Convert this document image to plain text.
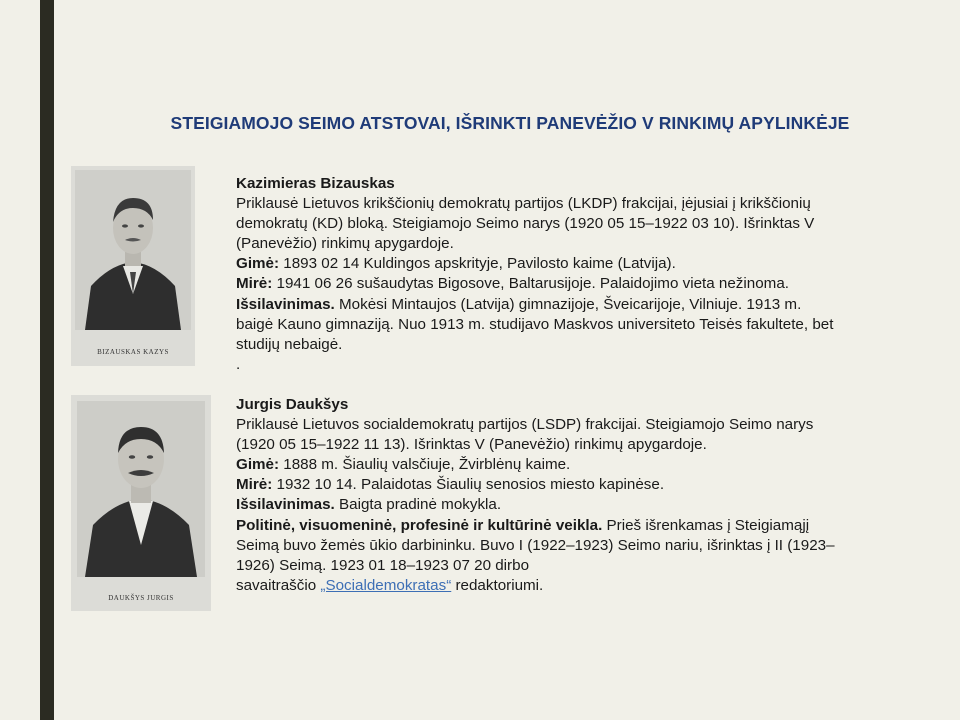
STEIGIAMOJO SEIMO ATSTOVAI, IŠRINKTI PANEVĖŽIO V RINKIMŲ APYLINKĖJE
BIZAUSKAS KAZYS
DAUKŠYS JURGIS
Kazimieras Bizauskas
Priklausė Lietuvos krikščionių demokratų partijos (LKDP) frakcijai, įėjusiai į krikščionių
demokratų (KD) bloką. Steigiamojo Seimo narys (1920 05 15–1922 03 10). Išrinktas V
(Panevėžio) rinkimų apygardoje.
Gimė: 1893 02 14 Kuldingos apskrityje, Pavilosto kaime (Latvija).
Mirė: 1941 06 26 sušaudytas Bigosove, Baltarusijoje. Palaidojimo vieta nežinoma.
Išsilavinimas. Mokėsi Mintaujos (Latvija) gimnazijoje, Šveicarijoje, Vilniuje. 1913 m.
baigė Kauno gimnaziją. Nuo 1913 m. studijavo Maskvos universiteto Teisės fakultete, bet
studijų nebaigė.
.
Jurgis Daukšys
Priklausė Lietuvos socialdemokratų partijos (LSDP) frakcijai. Steigiamojo Seimo narys
(1920 05 15–1922 11 13). Išrinktas V (Panevėžio) rinkimų apygardoje.
Gimė: 1888 m. Šiaulių valsčiuje, Žvirblėnų kaime.
Mirė: 1932 10 14. Palaidotas Šiaulių senosios miesto kapinėse.
Išsilavinimas. Baigta pradinė mokykla.
Politinė, visuomeninė, profesinė ir kultūrinė veikla. Prieš išrenkamas į Steigiamąjį
Seimą buvo žemės ūkio darbininku. Buvo I (1922–1923) Seimo nariu, išrinktas į II (1923–
1926) Seimą. 1923 01 18–1923 07 20 dirbo
savaitraščio „Socialdemokratas“ redaktoriumi.
